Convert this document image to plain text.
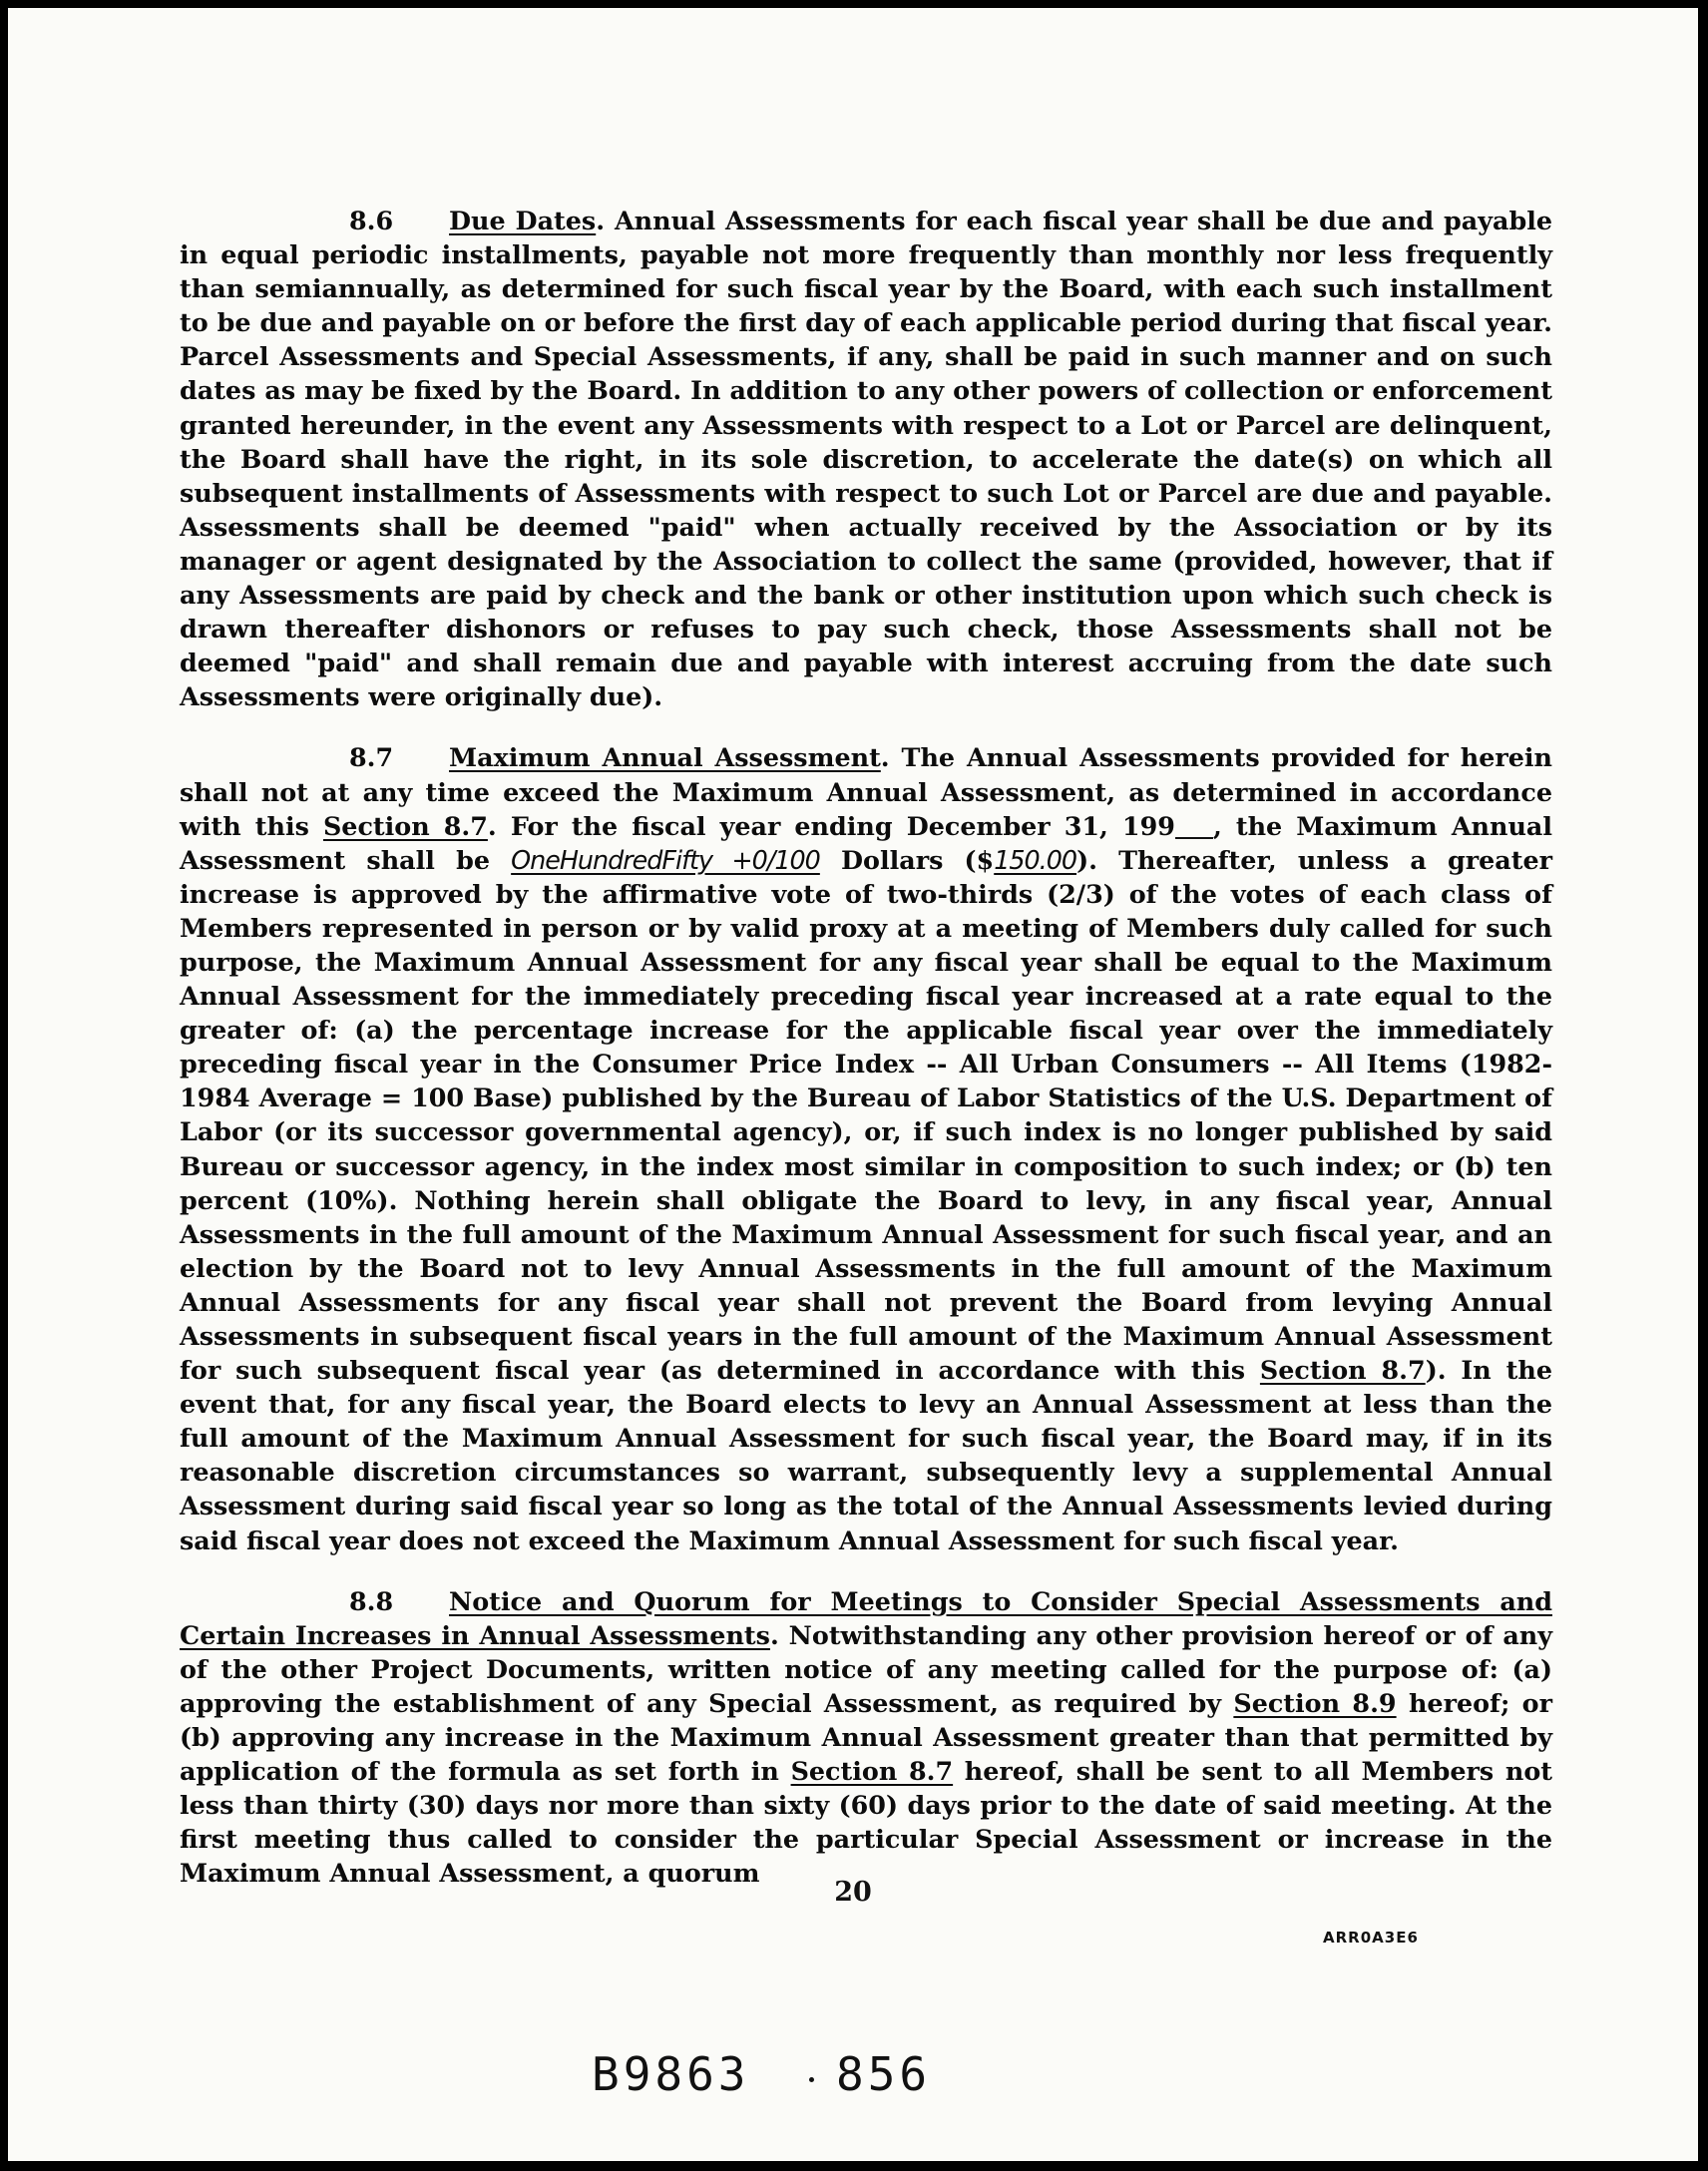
8.6 Due Dates. Annual Assessments for each fiscal year shall be due and payable in equal periodic installments, payable not more frequently than monthly nor less frequently than semiannually, as determined for such fiscal year by the Board, with each such installment to be due and payable on or before the first day of each applicable period during that fiscal year. Parcel Assessments and Special Assessments, if any, shall be paid in such manner and on such dates as may be fixed by the Board. In addition to any other powers of collection or enforcement granted hereunder, in the event any Assessments with respect to a Lot or Parcel are delinquent, the Board shall have the right, in its sole discretion, to accelerate the date(s) on which all subsequent installments of Assessments with respect to such Lot or Parcel are due and payable. Assessments shall be deemed "paid" when actually received by the Association or by its manager or agent designated by the Association to collect the same (provided, however, that if any Assessments are paid by check and the bank or other institution upon which such check is drawn thereafter dishonors or refuses to pay such check, those Assessments shall not be deemed "paid" and shall remain due and payable with interest accruing from the date such Assessments were originally due).

8.7 Maximum Annual Assessment. The Annual Assessments provided for herein shall not at any time exceed the Maximum Annual Assessment, as determined in accordance with this Section 8.7. For the fiscal year ending December 31, 199 , the Maximum Annual Assessment shall be OneHundredFifty +0/100 Dollars ($150.00). Thereafter, unless a greater increase is approved by the affirmative vote of two-thirds (2/3) of the votes of each class of Members represented in person or by valid proxy at a meeting of Members duly called for such purpose, the Maximum Annual Assessment for any fiscal year shall be equal to the Maximum Annual Assessment for the immediately preceding fiscal year increased at a rate equal to the greater of: (a) the percentage increase for the applicable fiscal year over the immediately preceding fiscal year in the Consumer Price Index -- All Urban Consumers -- All Items (1982-1984 Average = 100 Base) published by the Bureau of Labor Statistics of the U.S. Department of Labor (or its successor governmental agency), or, if such index is no longer published by said Bureau or successor agency, in the index most similar in composition to such index; or (b) ten percent (10%). Nothing herein shall obligate the Board to levy, in any fiscal year, Annual Assessments in the full amount of the Maximum Annual Assessment for such fiscal year, and an election by the Board not to levy Annual Assessments in the full amount of the Maximum Annual Assessments for any fiscal year shall not prevent the Board from levying Annual Assessments in subsequent fiscal years in the full amount of the Maximum Annual Assessment for such subsequent fiscal year (as determined in accordance with this Section 8.7). In the event that, for any fiscal year, the Board elects to levy an Annual Assessment at less than the full amount of the Maximum Annual Assessment for such fiscal year, the Board may, if in its reasonable discretion circumstances so warrant, subsequently levy a supplemental Annual Assessment during said fiscal year so long as the total of the Annual Assessments levied during said fiscal year does not exceed the Maximum Annual Assessment for such fiscal year.

8.8 Notice and Quorum for Meetings to Consider Special Assessments and Certain Increases in Annual Assessments. Notwithstanding any other provision hereof or of any of the other Project Documents, written notice of any meeting called for the purpose of: (a) approving the establishment of any Special Assessment, as required by Section 8.9 hereof; or (b) approving any increase in the Maximum Annual Assessment greater than that permitted by application of the formula as set forth in Section 8.7 hereof, shall be sent to all Members not less than thirty (30) days nor more than sixty (60) days prior to the date of said meeting. At the first meeting thus called to consider the particular Special Assessment or increase in the Maximum Annual Assessment, a quorum

20
ARR0A3E6
B9863 856
